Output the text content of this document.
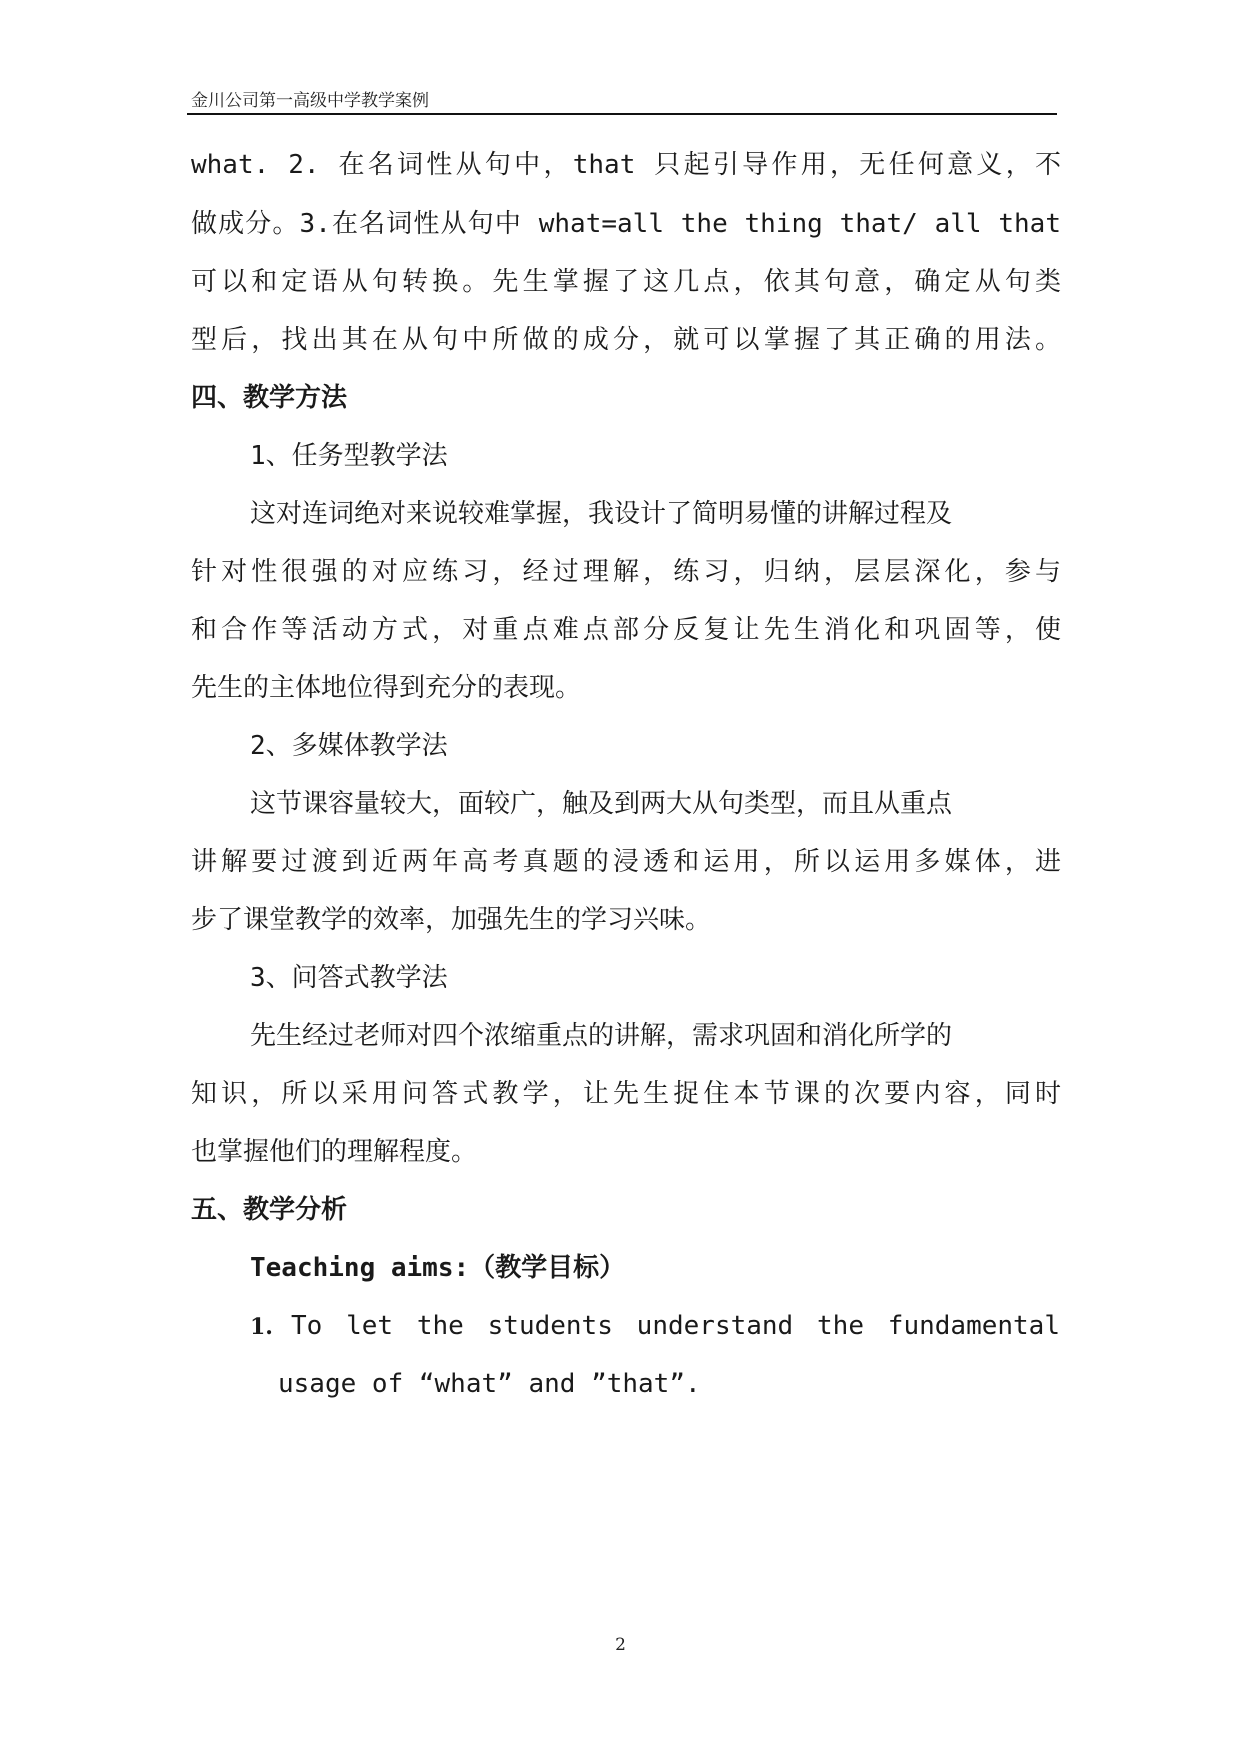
金川公司第一高级中学教学案例
what. 2. 在名词性从句中，that 只起引导作用，无任何意义，不
做成分。3.在名词性从句中 what=all the thing that/ all that
可以和定语从句转换。先生掌握了这几点，依其句意，确定从句类
型后，找出其在从句中所做的成分，就可以掌握了其正确的用法。
四、教学方法
1、任务型教学法
这对连词绝对来说较难掌握，我设计了简明易懂的讲解过程及
针对性很强的对应练习，经过理解，练习，归纳，层层深化，参与
和合作等活动方式，对重点难点部分反复让先生消化和巩固等，使
先生的主体地位得到充分的表现。
2、多媒体教学法
这节课容量较大，面较广，触及到两大从句类型，而且从重点
讲解要过渡到近两年高考真题的浸透和运用，所以运用多媒体，进
步了课堂教学的效率，加强先生的学习兴味。
3、问答式教学法
先生经过老师对四个浓缩重点的讲解，需求巩固和消化所学的
知识，所以采用问答式教学，让先生捉住本节课的次要内容，同时
也掌握他们的理解程度。
五、教学分析
Teaching aims:（教学目标）
1. To let the students understand the fundamental
usage of “what” and ”that”.
2
